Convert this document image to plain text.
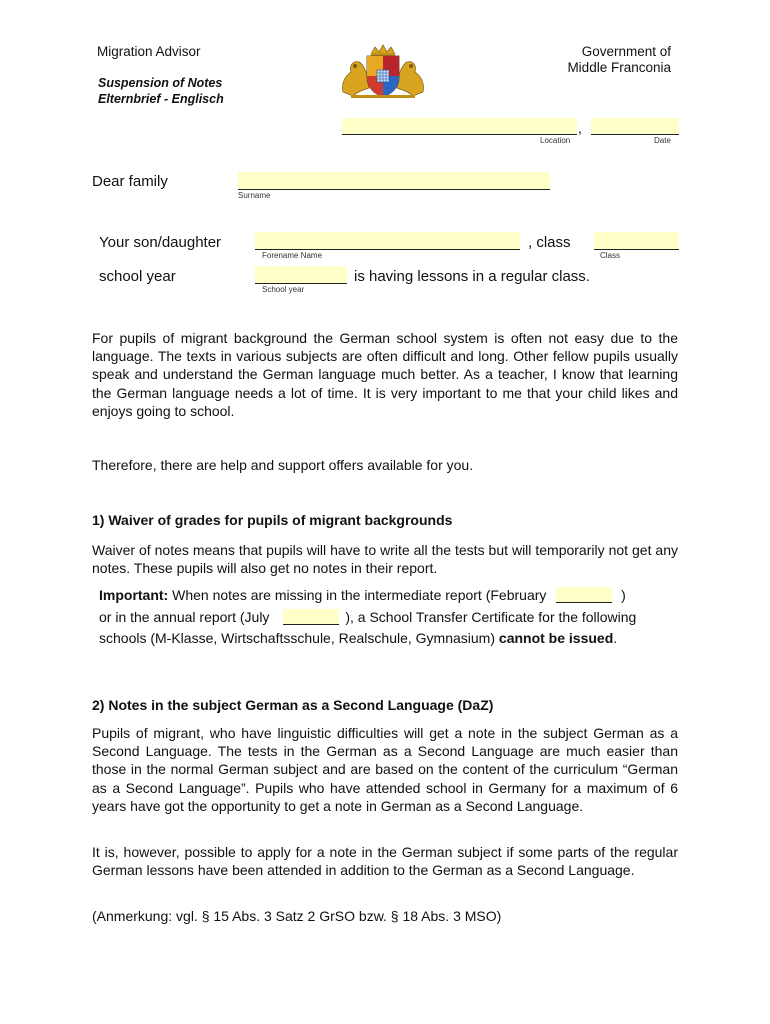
Migration Advisor	Government of
Middle Franconia
Suspension of Notes
Elternbrief - Englisch
,
Location	Date
Dear family
Surname
Your son/daughter	, class
Forename Name	Class
school year	is having lessons in a regular class.
School year

For pupils of migrant background the German school system is often not easy due to the language. The texts in various subjects are often difficult and long. Other fellow pupils usually speak and understand the German language much better. As a teacher, I know that learning the German language needs a lot of time. It is very important to me that your child likes and enjoys going to school.

Therefore, there are help and support offers available for you.

1) Waiver of grades for pupils of migrant backgrounds

Waiver of notes means that pupils will have to write all the tests but will temporarily not get any notes. These pupils will also get no notes in their report.

Important: When notes are missing in the intermediate report (February	)
or in the annual report (July	), a School Transfer Certificate for the following schools (M-Klasse, Wirtschaftsschule, Realschule, Gymnasium) cannot be issued.
2) Notes in the subject German as a Second Language (DaZ)

Pupils of migrant, who have linguistic difficulties will get a note in the subject German as a Second Language. The tests in the German as a Second Language are much easier than those in the normal German subject and are based on the content of the curriculum “German as a Second Language”. Pupils who have attended school in Germany for a maximum of 6 years have got the opportunity to get a note in German as a Second Language.

It is, however, possible to apply for a note in the German subject if some parts of the regular German lessons have been attended in addition to the German as a Second Language.

(Anmerkung: vgl. § 15 Abs. 3 Satz 2 GrSO bzw. § 18 Abs. 3 MSO)
